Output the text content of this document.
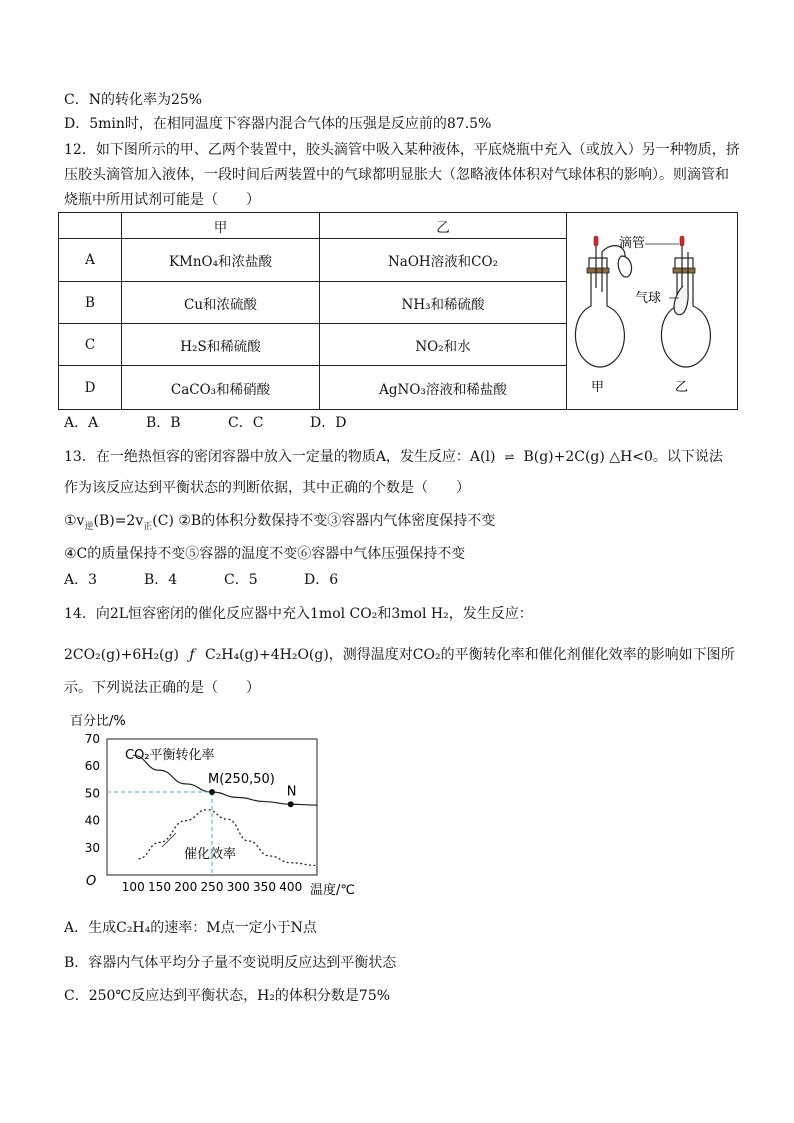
C．N的转化率为25%
D．5min时，在相同温度下容器内混合气体的压强是反应前的87.5%
12．如下图所示的甲、乙两个装置中，胶头滴管中吸入某种液体，平底烧瓶中充入（或放入）另一种物质，挤
压胶头滴管加入液体，一段时间后两装置中的气球都明显胀大（忽略液体体积对气球体积的影响）。则滴管和
烧瓶中所用试剂可能是（　　）
	甲	乙	滴管
气球
甲 乙

A	KMnO₄和浓盐酸	NaOH溶液和CO₂	
B	Cu和浓硫酸	NH₃和稀硫酸	
C	H₂S和稀硫酸	NO₂和水	
D	CaCO₃和稀硝酸	AgNO₃溶液和稀盐酸	
A．A	B．B	C．C	D．D
13．在一绝热恒容的密闭容器中放入一定量的物质A，发生反应：A(l) ⇌ B(g)+2C(g) △H<0。以下说法
作为该反应达到平衡状态的判断依据，其中正确的个数是（　　）
$①v_逆(B)=2v_正(C)$ ②B的体积分数保持不变③容器内气体密度保持不变
④C的质量保持不变⑤容器的温度不变⑥容器中气体压强保持不变
A．3	B．4	C．5	D．6
14．向2L恒容密闭的催化反应器中充入1mol CO₂和3mol H₂，发生反应：
2CO₂(g)+6H₂(g) ƒ C₂H₄(g)+4H₂O(g)，测得温度对CO₂的平衡转化率和催化剂催化效率的影响如下图所
示。下列说法正确的是（　　）
百分比/%
温度/℃
O
CO₂平衡转化率
催化效率
30
40
50
60
70
100 150 200 250 300 350 400
M(250,50)
N
A．生成C₂H₄的速率：M点一定小于N点
B．容器内气体平均分子量不变说明反应达到平衡状态
C．250℃反应达到平衡状态，H₂的体积分数是75%
